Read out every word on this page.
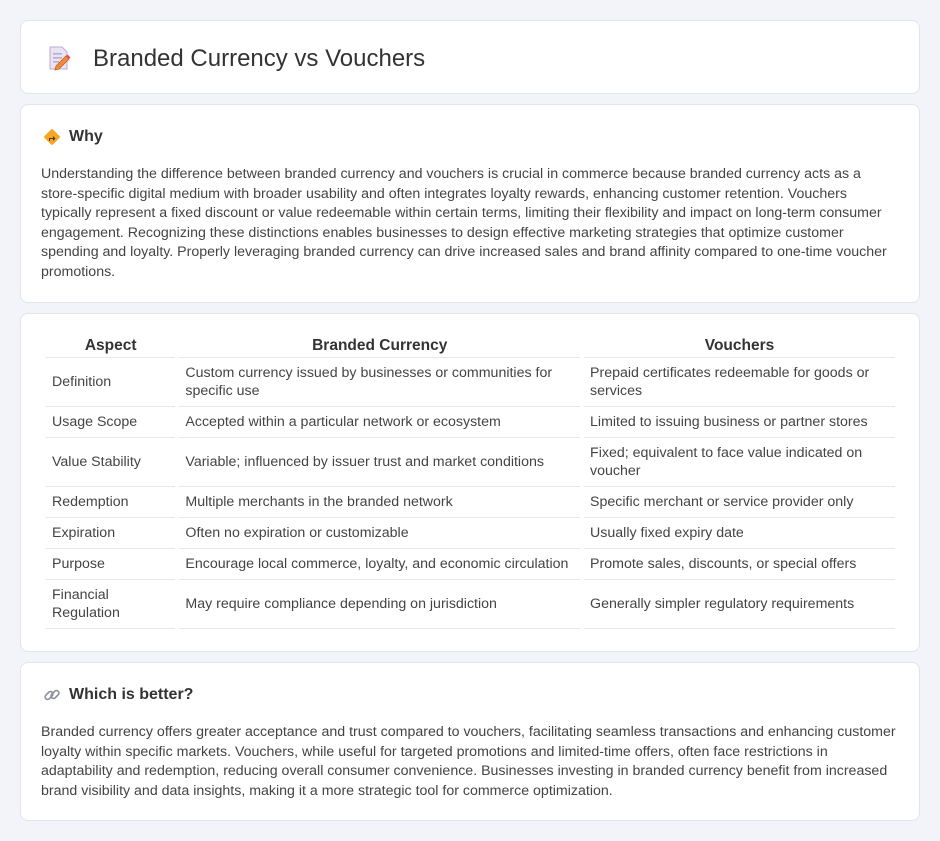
Branded Currency vs Vouchers
Why

Understanding the difference between branded currency and vouchers is crucial in commerce because branded currency acts as a store-specific digital medium with broader usability and often integrates loyalty rewards, enhancing customer retention. Vouchers typically represent a fixed discount or value redeemable within certain terms, limiting their flexibility and impact on long-term consumer engagement. Recognizing these distinctions enables businesses to design effective marketing strategies that optimize customer spending and loyalty. Properly leveraging branded currency can drive increased sales and brand affinity compared to one-time voucher promotions.

Aspect	Branded Currency	Vouchers
Definition	Custom currency issued by businesses or communities for specific use	Prepaid certificates redeemable for goods or services
Usage Scope	Accepted within a particular network or ecosystem	Limited to issuing business or partner stores
Value Stability	Variable; influenced by issuer trust and market conditions	Fixed; equivalent to face value indicated on voucher
Redemption	Multiple merchants in the branded network	Specific merchant or service provider only
Expiration	Often no expiration or customizable	Usually fixed expiry date
Purpose	Encourage local commerce, loyalty, and economic circulation	Promote sales, discounts, or special offers
Financial Regulation	May require compliance depending on jurisdiction	Generally simpler regulatory requirements
Which is better?

Branded currency offers greater acceptance and trust compared to vouchers, facilitating seamless transactions and enhancing customer loyalty within specific markets. Vouchers, while useful for targeted promotions and limited-time offers, often face restrictions in adaptability and redemption, reducing overall consumer convenience. Businesses investing in branded currency benefit from increased brand visibility and data insights, making it a more strategic tool for commerce optimization.
